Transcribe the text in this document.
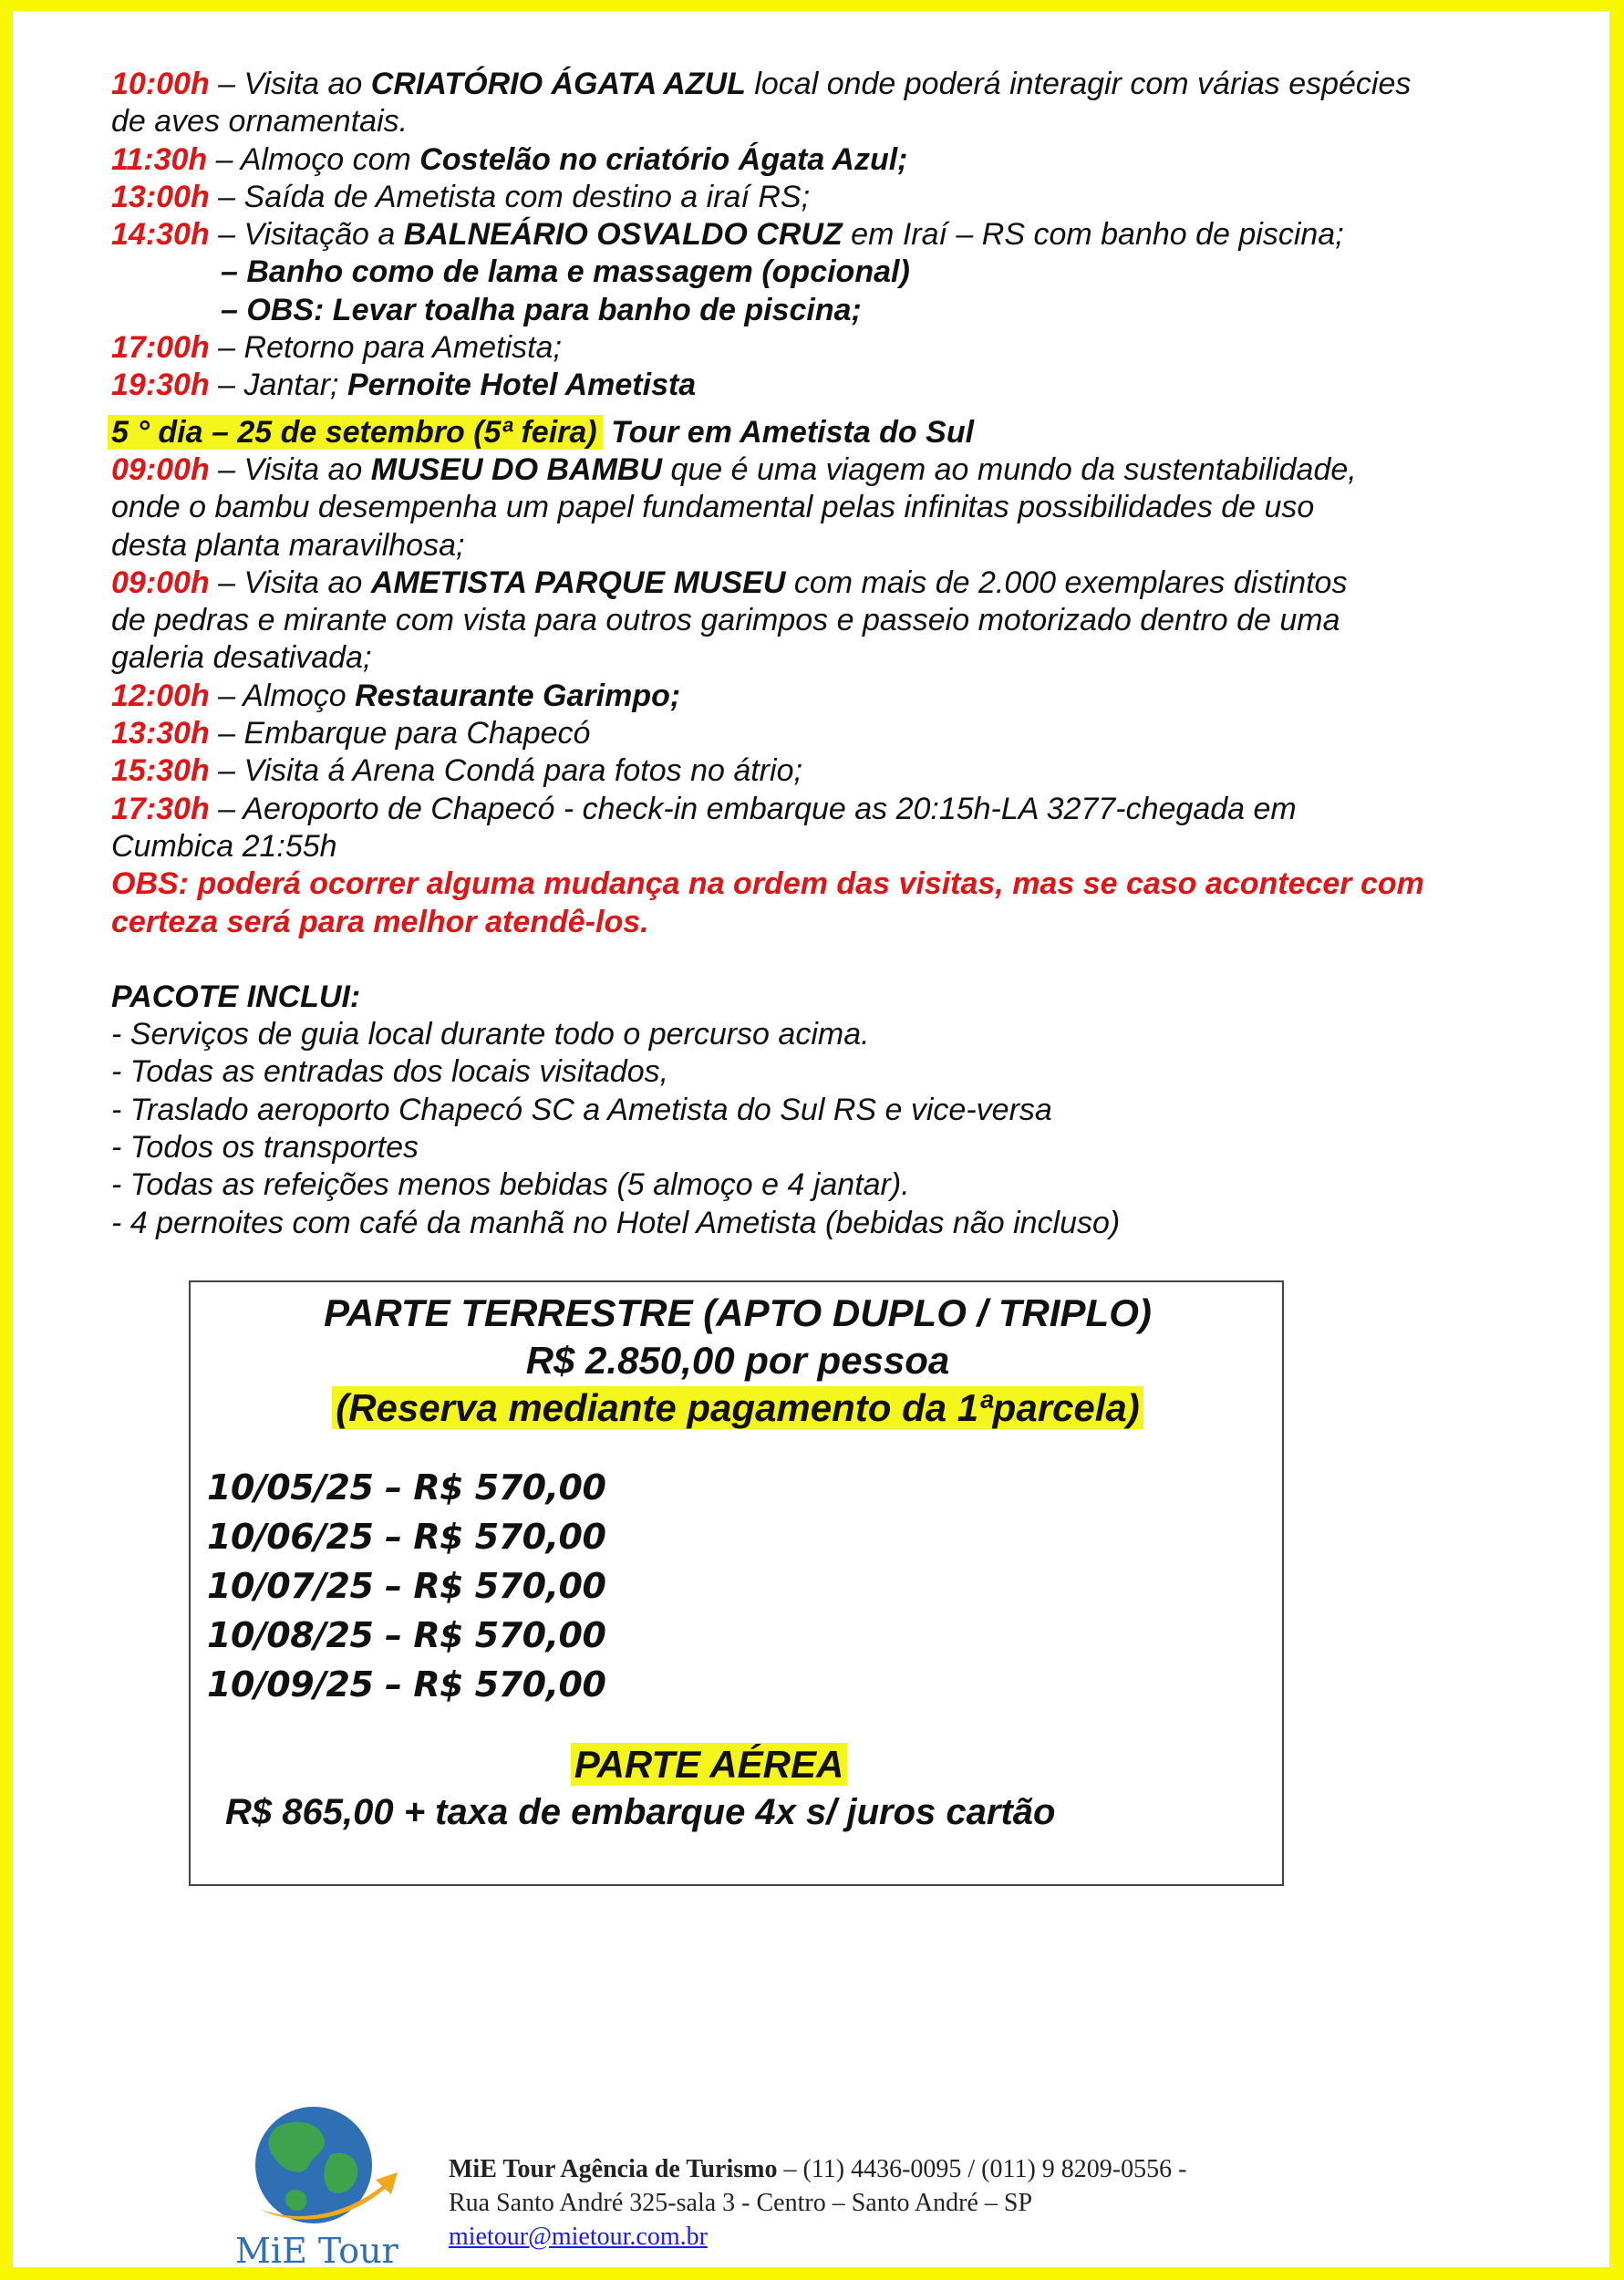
10:00h – Visita ao CRIATÓRIO ÁGATA AZUL local onde poderá interagir com várias espécies
de aves ornamentais.
11:30h – Almoço com Costelão no criatório Ágata Azul;
13:00h – Saída de Ametista com destino a iraí RS;
14:30h – Visitação a BALNEÁRIO OSVALDO CRUZ em Iraí – RS com banho de piscina;
– Banho como de lama e massagem (opcional)
– OBS: Levar toalha para banho de piscina;
17:00h – Retorno para Ametista;
19:30h – Jantar; Pernoite Hotel Ametista
5 ° dia – 25 de setembro (5ª feira) Tour em Ametista do Sul
09:00h – Visita ao MUSEU DO BAMBU que é uma viagem ao mundo da sustentabilidade,
onde o bambu desempenha um papel fundamental pelas infinitas possibilidades de uso
desta planta maravilhosa;
09:00h – Visita ao AMETISTA PARQUE MUSEU com mais de 2.000 exemplares distintos
de pedras e mirante com vista para outros garimpos e passeio motorizado dentro de uma
galeria desativada;
12:00h – Almoço Restaurante Garimpo;
13:30h – Embarque para Chapecó
15:30h – Visita á Arena Condá para fotos no átrio;
17:30h – Aeroporto de Chapecó - check-in embarque as 20:15h-LA 3277-chegada em
Cumbica 21:55h
OBS: poderá ocorrer alguma mudança na ordem das visitas, mas se caso acontecer com
certeza será para melhor atendê-los.
PACOTE INCLUI:
- Serviços de guia local durante todo o percurso acima.
- Todas as entradas dos locais visitados,
- Traslado aeroporto Chapecó SC a Ametista do Sul RS e vice-versa
- Todos os transportes
- Todas as refeições menos bebidas (5 almoço e 4 jantar).
- 4 pernoites com café da manhã no Hotel Ametista (bebidas não incluso)
PARTE TERRESTRE (APTO DUPLO / TRIPLO)
R$ 2.850,00 por pessoa
(Reserva mediante pagamento da 1ªparcela)
10/05/25 – R$ 570,00
10/06/25 – R$ 570,00
10/07/25 – R$ 570,00
10/08/25 – R$ 570,00
10/09/25 – R$ 570,00
PARTE AÉREA
R$ 865,00 + taxa de embarque 4x s/ juros cartão
MiE Tour
MiE Tour Agência de Turismo – (11) 4436-0095 / (011) 9 8209-0556 -
Rua Santo André 325-sala 3 - Centro – Santo André – SP
mietour@mietour.com.br
